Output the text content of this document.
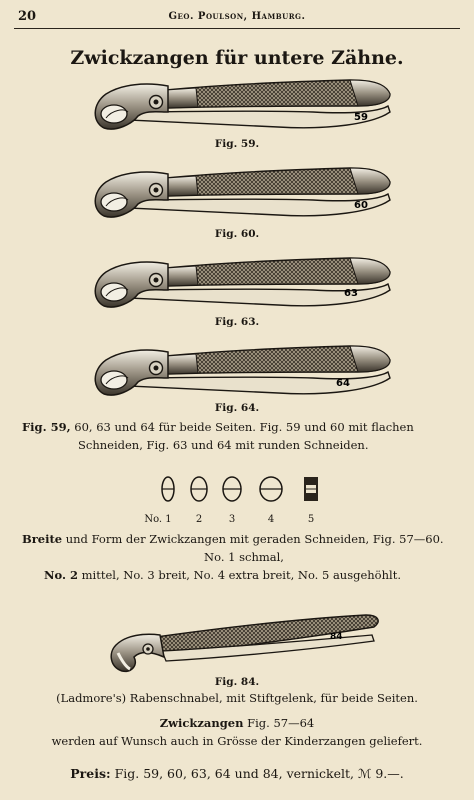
20	Geo. Poulson, Hamburg.
Zwickzangen für untere Zähne.
59
Fig. 59.
60
Fig. 60.
63
Fig. 63.
64
Fig. 64.
Fig. 59, 60, 63 und 64 für beide Seiten. Fig. 59 und 60 mit flachen
Schneiden, Fig. 63 und 64 mit runden Schneiden.
No. 1	2	3	4	5
Breite und Form der Zwickzangen mit geraden Schneiden, Fig. 57—60.
No. 1 schmal,
No. 2 mittel, No. 3 breit, No. 4 extra breit, No. 5 ausgehöhlt.
84
Fig. 84.
(Ladmore's) Rabenschnabel, mit Stiftgelenk, für beide Seiten.
Zwickzangen Fig. 57—64
werden auf Wunsch auch in Grösse der Kinderzangen geliefert.
Preis: Fig. 59, 60, 63, 64 und 84, vernickelt, ℳ 9.—.
